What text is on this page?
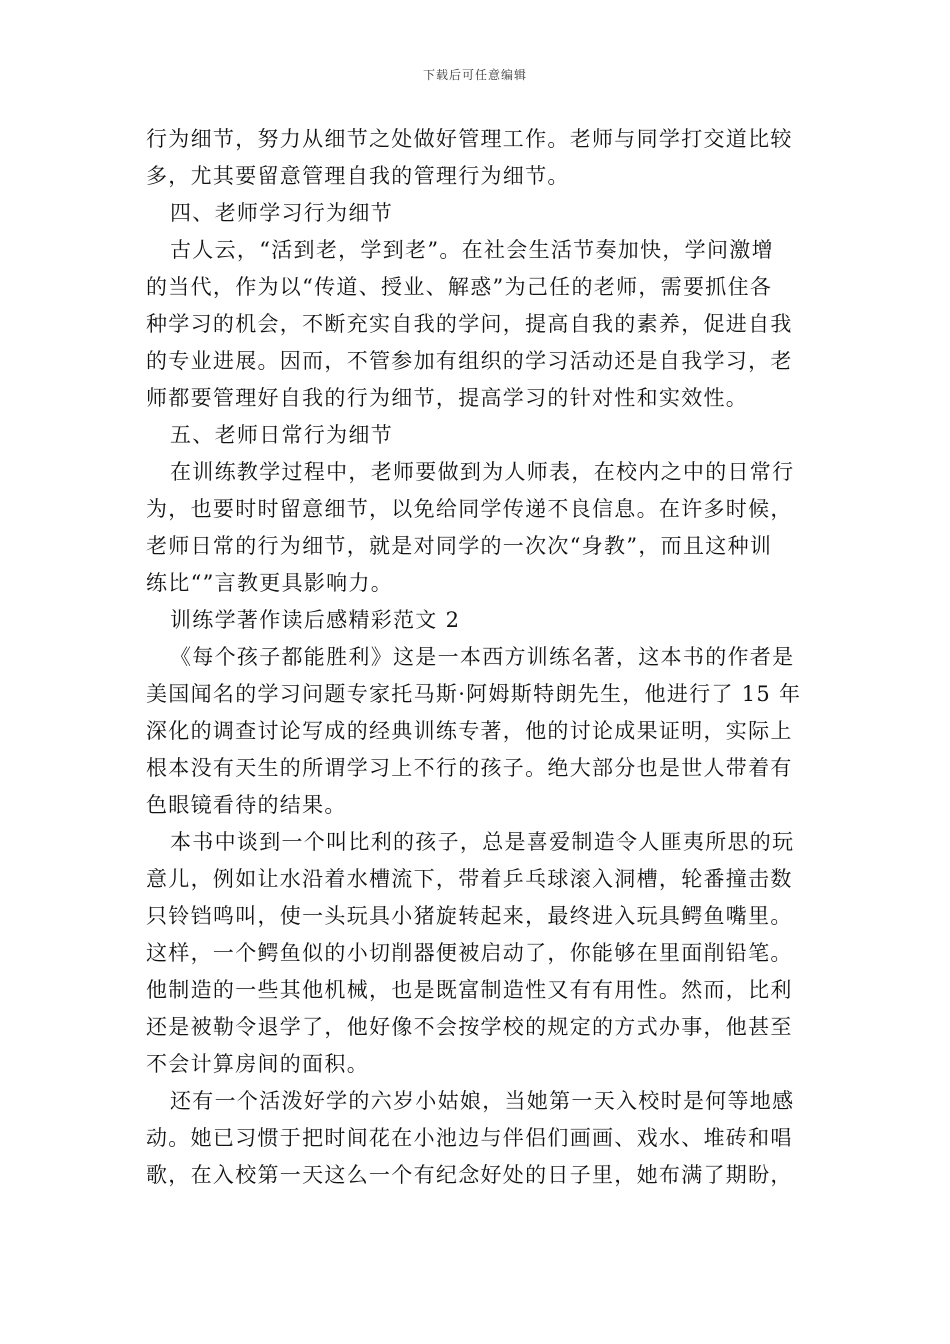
下载后可任意编辑
行为细节，努力从细节之处做好管理工作。老师与同学打交道比较
多，尤其要留意管理自我的管理行为细节。
四、老师学习行为细节
古人云，“活到老，学到老”。在社会生活节奏加快，学问激增
的当代，作为以“传道、授业、解惑”为己任的老师，需要抓住各
种学习的机会，不断充实自我的学问，提高自我的素养，促进自我
的专业进展。因而，不管参加有组织的学习活动还是自我学习，老
师都要管理好自我的行为细节，提高学习的针对性和实效性。
五、老师日常行为细节
在训练教学过程中，老师要做到为人师表，在校内之中的日常行
为，也要时时留意细节，以免给同学传递不良信息。在许多时候，
老师日常的行为细节，就是对同学的一次次“身教”，而且这种训
练比“”言教更具影响力。
训练学著作读后感精彩范文 2
《每个孩子都能胜利》这是一本西方训练名著，这本书的作者是
美国闻名的学习问题专家托马斯·阿姆斯特朗先生，他进行了 15 年
深化的调查讨论写成的经典训练专著，他的讨论成果证明，实际上
根本没有天生的所谓学习上不行的孩子。绝大部分也是世人带着有
色眼镜看待的结果。
本书中谈到一个叫比利的孩子，总是喜爱制造令人匪夷所思的玩
意儿，例如让水沿着水槽流下，带着乒乓球滚入洞槽，轮番撞击数
只铃铛鸣叫，使一头玩具小猪旋转起来，最终进入玩具鳄鱼嘴里。
这样，一个鳄鱼似的小切削器便被启动了，你能够在里面削铅笔。
他制造的一些其他机械，也是既富制造性又有有用性。然而，比利
还是被勒令退学了，他好像不会按学校的规定的方式办事，他甚至
不会计算房间的面积。
还有一个活泼好学的六岁小姑娘，当她第一天入校时是何等地感
动。她已习惯于把时间花在小池边与伴侣们画画、戏水、堆砖和唱
歌，在入校第一天这么一个有纪念好处的日子里，她布满了期盼，
